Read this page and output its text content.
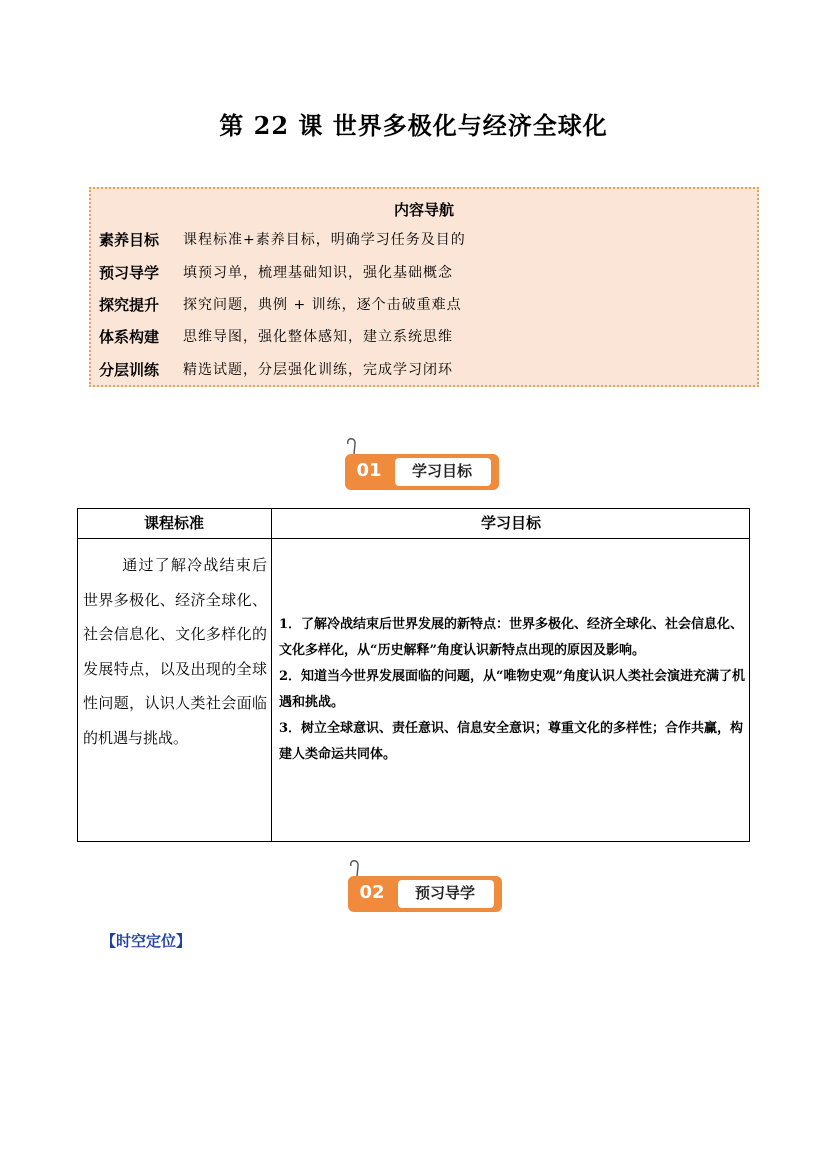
第 22 课 世界多极化与经济全球化
内容导航
素养目标	课程标准+素养目标，明确学习任务及目的
预习导学	填预习单，梳理基础知识，强化基础概念
探究提升	探究问题，典例 + 训练，逐个击破重难点
体系构建	思维导图，强化整体感知，建立系统思维
分层训练	精选试题，分层强化训练，完成学习闭环
01	学习目标
课程标准	学习目标
通过了解冷战结束后世界多极化、经济全球化、社会信息化、文化多样化的发展特点，以及出现的全球性问题，认识人类社会面临的机遇与挑战。

1．了解冷战结束后世界发展的新特点：世界多极化、经济全球化、社会信息化、文化多样化，从“历史解释”角度认识新特点出现的原因及影响。

2．知道当今世界发展面临的问题，从“唯物史观”角度认识人类社会演进充满了机遇和挑战。

3．树立全球意识、责任意识、信息安全意识；尊重文化的多样性；合作共赢，构建人类命运共同体。

02	预习导学
【时空定位】
